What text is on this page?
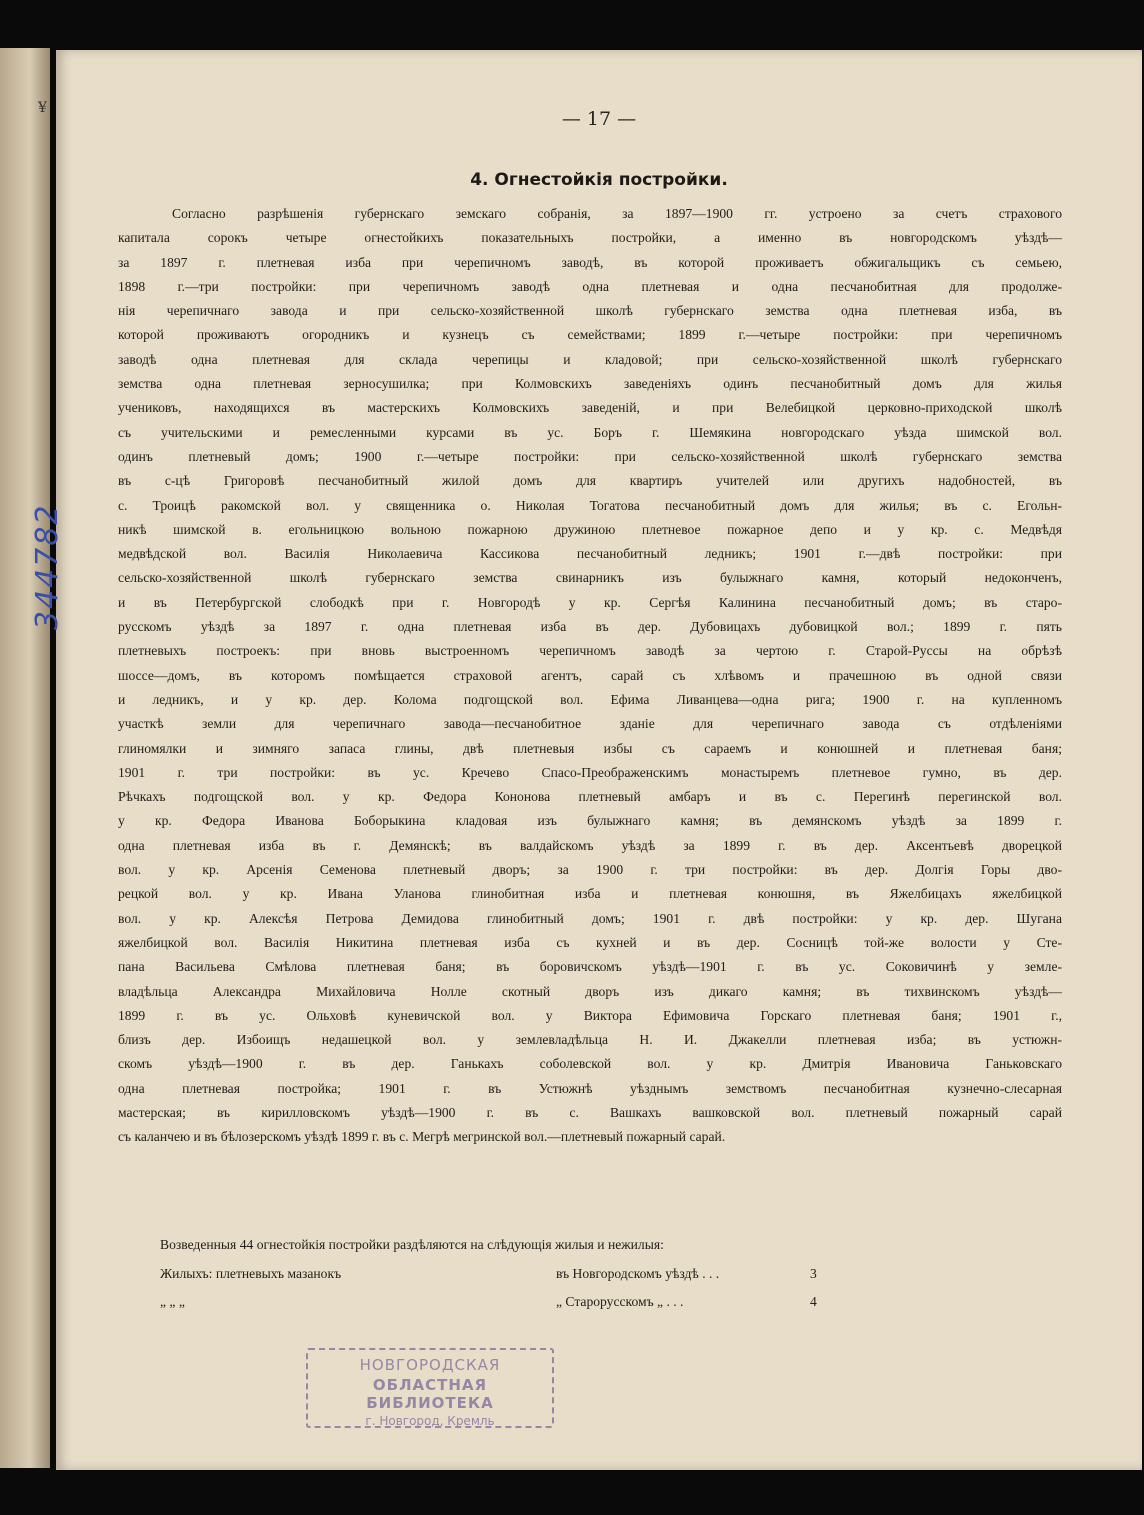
¥	— 17 —
4. Огнестойкія постройки.
Согласно разрѣшенія губернскаго земскаго собранія, за 1897—1900 гг. устроено за счетъ страхового
капитала сорокъ четыре огнестойкихъ показательныхъ постройки, а именно въ новгородскомъ уѣздѣ—
за 1897 г. плетневая изба при черепичномъ заводѣ, въ которой проживаетъ обжигальщикъ съ семьею,
1898 г.—три постройки: при черепичномъ заводѣ одна плетневая и одна песчанобитная для продолже-
нія черепичнаго завода и при сельско-хозяйственной школѣ губернскаго земства одна плетневая изба, въ
которой проживаютъ огородникъ и кузнецъ съ семействами; 1899 г.—четыре постройки: при черепичномъ
заводѣ одна плетневая для склада черепицы и кладовой; при сельско-хозяйственной школѣ губернскаго
земства одна плетневая зерносушилка; при Колмовскихъ заведеніяхъ одинъ песчанобитный домъ для жилья
учениковъ, находящихся въ мастерскихъ Колмовскихъ заведеній, и при Велебицкой церковно-приходской школѣ
съ учительскими и ремесленными курсами въ ус. Боръ г. Шемякина новгородскаго уѣзда шимской вол.
одинъ плетневый домъ; 1900 г.—четыре постройки: при сельско-хозяйственной школѣ губернскаго земства
въ с-цѣ Григоровѣ песчанобитный жилой домъ для квартиръ учителей или другихъ надобностей, въ
с. Троицѣ ракомской вол. у священника о. Николая Тогатова песчанобитный домъ для жилья; въ с. Егольн-
никѣ шимской в. егольницкою вольною пожарною дружиною плетневое пожарное депо и у кр. с. Медвѣдя
медвѣдской вол. Василія Николаевича Кассикова песчанобитный ледникъ; 1901 г.—двѣ постройки: при
сельско-хозяйственной школѣ губернскаго земства свинарникъ изъ булыжнаго камня, который недоконченъ,
и въ Петербургской слободкѣ при г. Новгородѣ у кр. Сергѣя Калинина песчанобитный домъ; въ старо-
русскомъ уѣздѣ за 1897 г. одна плетневая изба въ дер. Дубовицахъ дубовицкой вол.; 1899 г. пять
плетневыхъ построекъ: при вновь выстроенномъ черепичномъ заводѣ за чертою г. Старой-Руссы на обрѣзѣ
шоссе—домъ, въ которомъ помѣщается страховой агентъ, сарай съ хлѣвомъ и прачешною въ одной связи
и ледникъ, и у кр. дер. Колома подгощской вол. Ефима Ливанцева—одна рига; 1900 г. на купленномъ
участкѣ земли для черепичнаго завода—песчанобитное зданіе для черепичнаго завода съ отдѣленіями
глиномялки и зимняго запаса глины, двѣ плетневыя избы съ сараемъ и конюшней и плетневая баня;
1901 г. три постройки: въ ус. Кречево Спасо-Преображенскимъ монастыремъ плетневое гумно, въ дер.
Рѣчкахъ подгощской вол. у кр. Федора Кононова плетневый амбаръ и въ с. Перегинѣ перегинской вол.
у кр. Федора Иванова Боборыкина кладовая изъ булыжнаго камня; въ демянскомъ уѣздѣ за 1899 г.
одна плетневая изба въ г. Демянскѣ; въ валдайскомъ уѣздѣ за 1899 г. въ дер. Аксентьевѣ дворецкой
вол. у кр. Арсенія Семенова плетневый дворъ; за 1900 г. три постройки: въ дер. Долгія Горы дво-
рецкой вол. у кр. Ивана Уланова глинобитная изба и плетневая конюшня, въ Яжелбицахъ яжелбицкой
вол. у кр. Алексѣя Петрова Демидова глинобитный домъ; 1901 г. двѣ постройки: у кр. дер. Шугана
яжелбицкой вол. Василія Никитина плетневая изба съ кухней и въ дер. Сосницѣ той-же волости у Сте-
пана Васильева Смѣлова плетневая баня; въ боровичскомъ уѣздѣ—1901 г. въ ус. Соковичинѣ у земле-
владѣльца Александра Михайловича Нолле скотный дворъ изъ дикаго камня; въ тихвинскомъ уѣздѣ—
1899 г. въ ус. Ольховѣ куневичской вол. у Виктора Ефимовича Горскаго плетневая баня; 1901 г.,
близъ дер. Избоищъ недашецкой вол. у землевладѣльца Н. И. Джакелли плетневая изба; въ устюжн-
скомъ уѣздѣ—1900 г. въ дер. Ганькахъ соболевской вол. у кр. Дмитрія Ивановича Ганьковскаго
одна плетневая постройка; 1901 г. въ Устюжнѣ уѣзднымъ земствомъ песчанобитная кузнечно-слесарная
мастерская; въ кирилловскомъ уѣздѣ—1900 г. въ с. Вашкахъ вашковской вол. плетневый пожарный сарай
съ каланчею и въ бѣлозерскомъ уѣздѣ 1899 г. въ с. Мегрѣ мегринской вол.—плетневый пожарный сарай.
Возведенныя 44 огнестойкія постройки раздѣляются на слѣдующія жилыя и нежилыя:
Жилыхъ: плетневыхъ мазанокъ	въ Новгородскомъ уѣздѣ . . .	3
„ „ „	„ Старорусскомъ „ . . .	4
НОВГОРОДСКАЯ
ОБЛАСТНАЯ БИБЛИОТЕКА
г. Новгород, Кремль
344782
